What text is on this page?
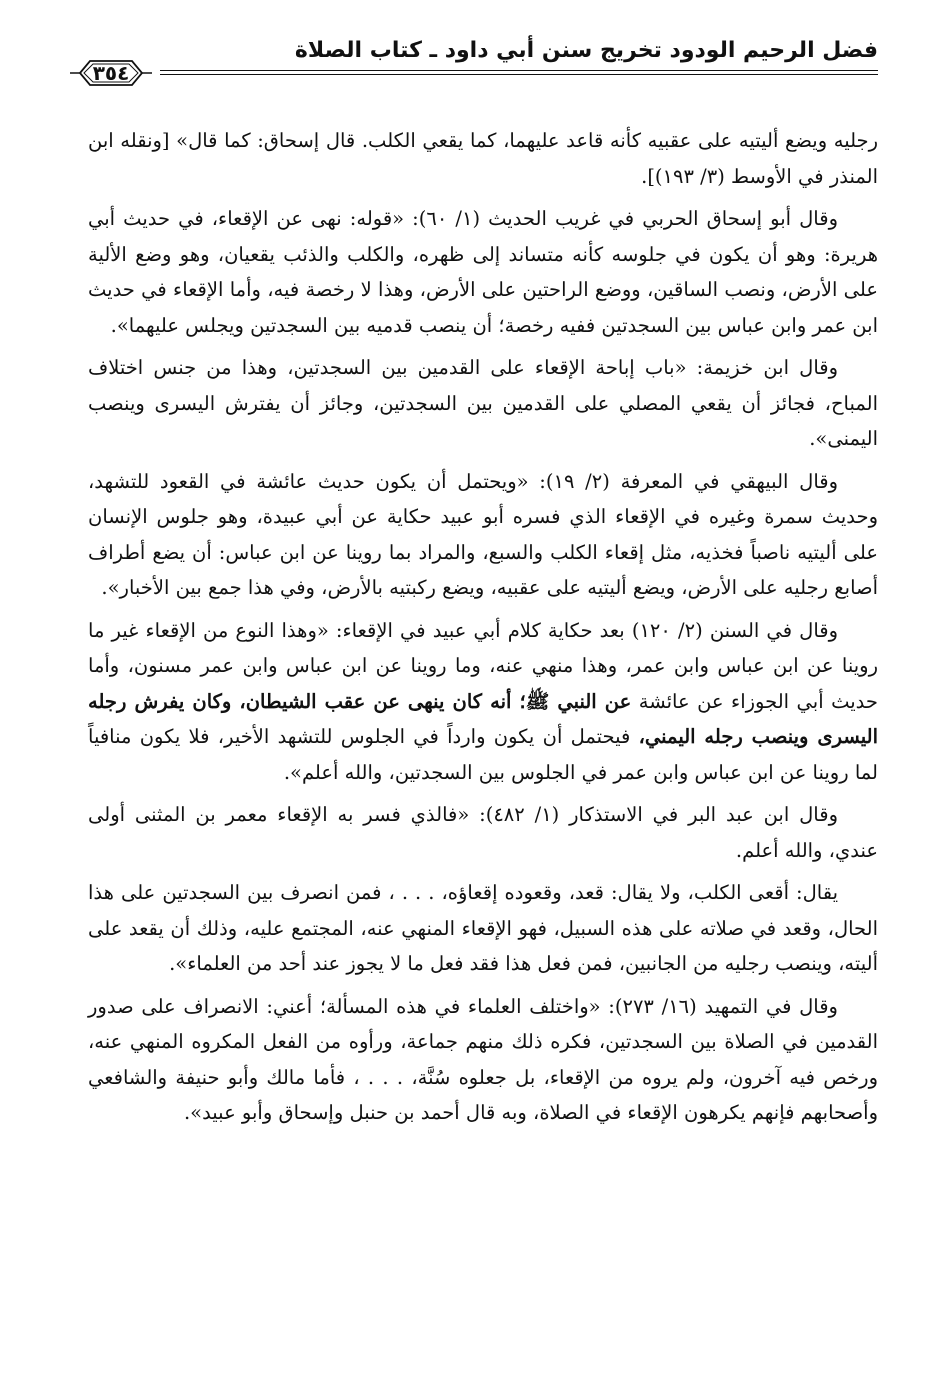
فضل الرحيم الودود تخريج سنن أبي داود ـ كتاب الصلاة
٣٥٤

رجليه ويضع أليتيه على عقبيه كأنه قاعد عليهما، كما يقعي الكلب. قال إسحاق: كما قال» [ونقله ابن المنذر في الأوسط (٣/ ١٩٣)].

وقال أبو إسحاق الحربي في غريب الحديث (١/ ٦٠): «قوله: نهى عن الإقعاء، في حديث أبي هريرة: وهو أن يكون في جلوسه كأنه متساند إلى ظهره، والكلب والذئب يقعيان، وهو وضع الألية على الأرض، ونصب الساقين، ووضع الراحتين على الأرض، وهذا لا رخصة فيه، وأما الإقعاء في حديث ابن عمر وابن عباس بين السجدتين ففيه رخصة؛ أن ينصب قدميه بين السجدتين ويجلس عليهما».

وقال ابن خزيمة: «باب إباحة الإقعاء على القدمين بين السجدتين، وهذا من جنس اختلاف المباح، فجائز أن يقعي المصلي على القدمين بين السجدتين، وجائز أن يفترش اليسرى وينصب اليمنى».

وقال البيهقي في المعرفة (٢/ ١٩): «ويحتمل أن يكون حديث عائشة في القعود للتشهد، وحديث سمرة وغيره في الإقعاء الذي فسره أبو عبيد حكاية عن أبي عبيدة، وهو جلوس الإنسان على أليتيه ناصباً فخذيه، مثل إقعاء الكلب والسبع، والمراد بما روينا عن ابن عباس: أن يضع أطراف أصابع رجليه على الأرض، ويضع أليتيه على عقبيه، ويضع ركبتيه بالأرض، وفي هذا جمع بين الأخبار».

وقال في السنن (٢/ ١٢٠) بعد حكاية كلام أبي عبيد في الإقعاء: «وهذا النوع من الإقعاء غير ما روينا عن ابن عباس وابن عمر، وهذا منهي عنه، وما روينا عن ابن عباس وابن عمر مسنون، وأما حديث أبي الجوزاء عن عائشة عن النبي ﷺ؛ أنه كان ينهى عن عقب الشيطان، وكان يفرش رجله اليسرى وينصب رجله اليمني، فيحتمل أن يكون وارداً في الجلوس للتشهد الأخير، فلا يكون منافياً لما روينا عن ابن عباس وابن عمر في الجلوس بين السجدتين، والله أعلم».

وقال ابن عبد البر في الاستذكار (١/ ٤٨٢): «فالذي فسر به الإقعاء معمر بن المثنى أولى عندي، والله أعلم.

يقال: أقعى الكلب، ولا يقال: قعد، وقعوده إقعاؤه، . . . ، فمن انصرف بين السجدتين على هذا الحال، وقعد في صلاته على هذه السبيل، فهو الإقعاء المنهي عنه، المجتمع عليه، وذلك أن يقعد على أليته، وينصب رجليه من الجانبين، فمن فعل هذا فقد فعل ما لا يجوز عند أحد من العلماء».

وقال في التمهيد (١٦/ ٢٧٣): «واختلف العلماء في هذه المسألة؛ أعني: الانصراف على صدور القدمين في الصلاة بين السجدتين، فكره ذلك منهم جماعة، ورأوه من الفعل المكروه المنهي عنه، ورخص فيه آخرون، ولم يروه من الإقعاء، بل جعلوه سُنَّة، . . . ، فأما مالك وأبو حنيفة والشافعي وأصحابهم فإنهم يكرهون الإقعاء في الصلاة، وبه قال أحمد بن حنبل وإسحاق وأبو عبيد».
